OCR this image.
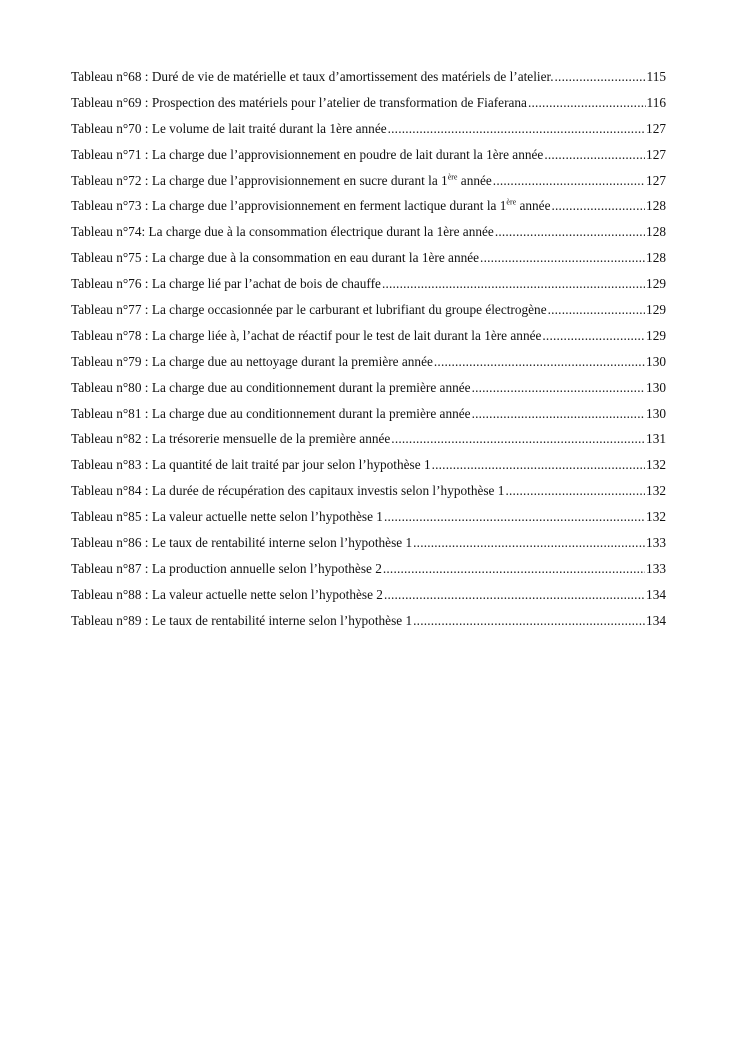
Tableau n°68 : Duré de vie de matérielle et taux d’amortissement des matériels de l’atelier. .....	115
Tableau n°69 : Prospection des matériels pour l’atelier de transformation de Fiaferana .....	116
Tableau n°70 : Le volume de lait traité durant la 1ère année .....	127
Tableau n°71 : La charge due l’approvisionnement en poudre de lait durant la 1ère année .....	127
Tableau n°72 : La charge due l’approvisionnement en sucre durant la 1ère année .....	127
Tableau n°73 : La charge due l’approvisionnement en ferment lactique durant la 1ère année .....	128
Tableau n°74: La charge due à la consommation électrique durant la 1ère année .....	128
Tableau n°75 : La charge due à la consommation en eau durant la 1ère année .....	128
Tableau n°76 : La charge lié par l’achat de bois de chauffe .....	129
Tableau n°77 : La charge occasionnée par le carburant et lubrifiant du groupe électrogène .....	129
Tableau n°78 : La charge liée à, l’achat de réactif pour le test de lait durant la 1ère année .....	129
Tableau n°79 : La charge due au nettoyage durant la première année .....	130
Tableau n°80 : La charge due au conditionnement durant la première année .....	130
Tableau n°81 : La charge due au conditionnement durant la première année .....	130
Tableau n°82 : La trésorerie mensuelle de la première année .....	131
Tableau n°83 : La quantité de lait traité par jour selon l’hypothèse 1 .....	132
Tableau n°84 : La durée de récupération des capitaux investis selon l’hypothèse 1 .....	132
Tableau n°85 : La valeur actuelle nette selon l’hypothèse 1 .....	132
Tableau n°86 : Le taux de rentabilité interne selon l’hypothèse 1 .....	133
Tableau n°87 : La production annuelle selon l’hypothèse 2 .....	133
Tableau n°88 : La valeur actuelle nette selon l’hypothèse 2 .....	134
Tableau n°89 : Le taux de rentabilité interne selon l’hypothèse 1 .....	134
